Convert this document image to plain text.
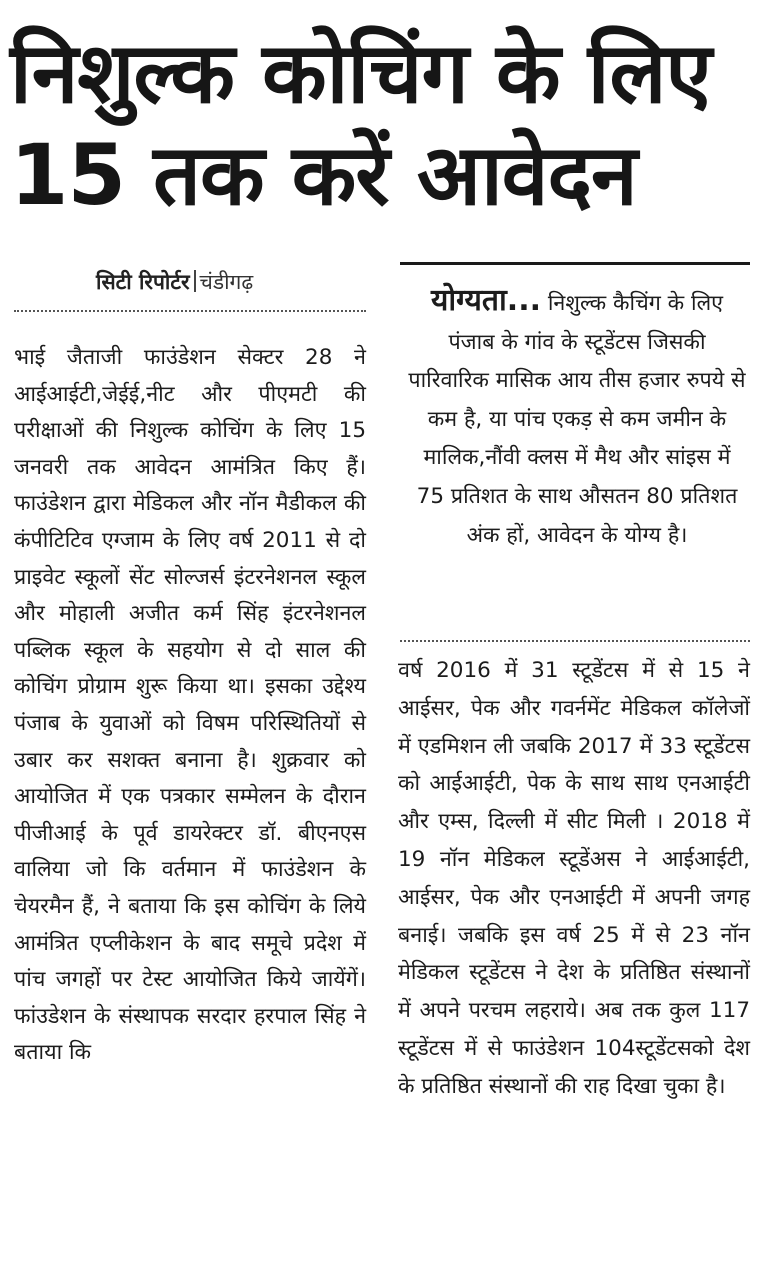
निशुल्क कोचिंग के लिए
15 तक करें आवेदन
सिटी रिपोर्टर चंडीगढ़

भाई जैताजी फाउंडेशन सेक्टर 28 ने आईआईटी,जेईई,नीट और पीएमटी की परीक्षाओं की निशुल्क कोचिंग के लिए 15 जनवरी तक आवेदन आमंत्रित किए हैं। फाउंडेशन द्वारा मेडिकल और नॉन मैडीकल की कंपीटिटिव एग्जाम के लिए वर्ष 2011 से दो प्राइवेट स्कूलों सेंट सोल्जर्स इंटरनेशनल स्कूल और मोहाली अजीत कर्म सिंह इंटरनेशनल पब्लिक स्कूल के सहयोग से दो साल की कोचिंग प्रोग्राम शुरू किया था। इसका उद्देश्य पंजाब के युवाओं को विषम परिस्थितियों से उबार कर सशक्त बनाना है। शुक्रवार को आयोजित में एक पत्रकार सम्मेलन के दौरान पीजीआई के पूर्व डायरेक्टर डॉ. बीएनएस वालिया जो कि वर्तमान में फाउंडेशन के चेयरमैन हैं, ने बताया कि इस कोचिंग के लिये आमंत्रित एप्लीकेशन के बाद समूचे प्रदेश में पांच जगहों पर टेस्ट आयोजित किये जायेंगें। फांउडेशन के संस्थापक सरदार हरपाल सिंह ने बताया कि

योग्यता... निशुल्क कैचिंग के लिए पंजाब के गांव के स्टूडेंटस जिसकी पारिवारिक मासिक आय तीस हजार रुपये से कम है, या पांच एकड़ से कम जमीन के मालिक,नौंवी क्लस में मैथ और सांइस में 75 प्रतिशत के साथ औसतन 80 प्रतिशत अंक हों, आवेदन के योग्य है।

वर्ष 2016 में 31 स्टूडेंटस में से 15 ने आईसर, पेक और गवर्नमेंट मेडिकल कॉलेजों में एडमिशन ली जबकि 2017 में 33 स्टूडेंटस को आईआईटी, पेक के साथ साथ एनआईटी और एम्स, दिल्ली में सीट मिली । 2018 में 19 नॉन मेडिकल स्टूडेंअस ने आईआईटी, आईसर, पेक और एनआईटी में अपनी जगह बनाई। जबकि इस वर्ष 25 में से 23 नॉन मेडिकल स्टूडेंटस ने देश के प्रतिष्ठित संस्थानों में अपने परचम लहराये। अब तक कुल 117 स्टूडेंटस में से फाउंडेशन 104स्टूडेंटसको देश के प्रतिष्ठित संस्थानों की राह दिखा चुका है।
